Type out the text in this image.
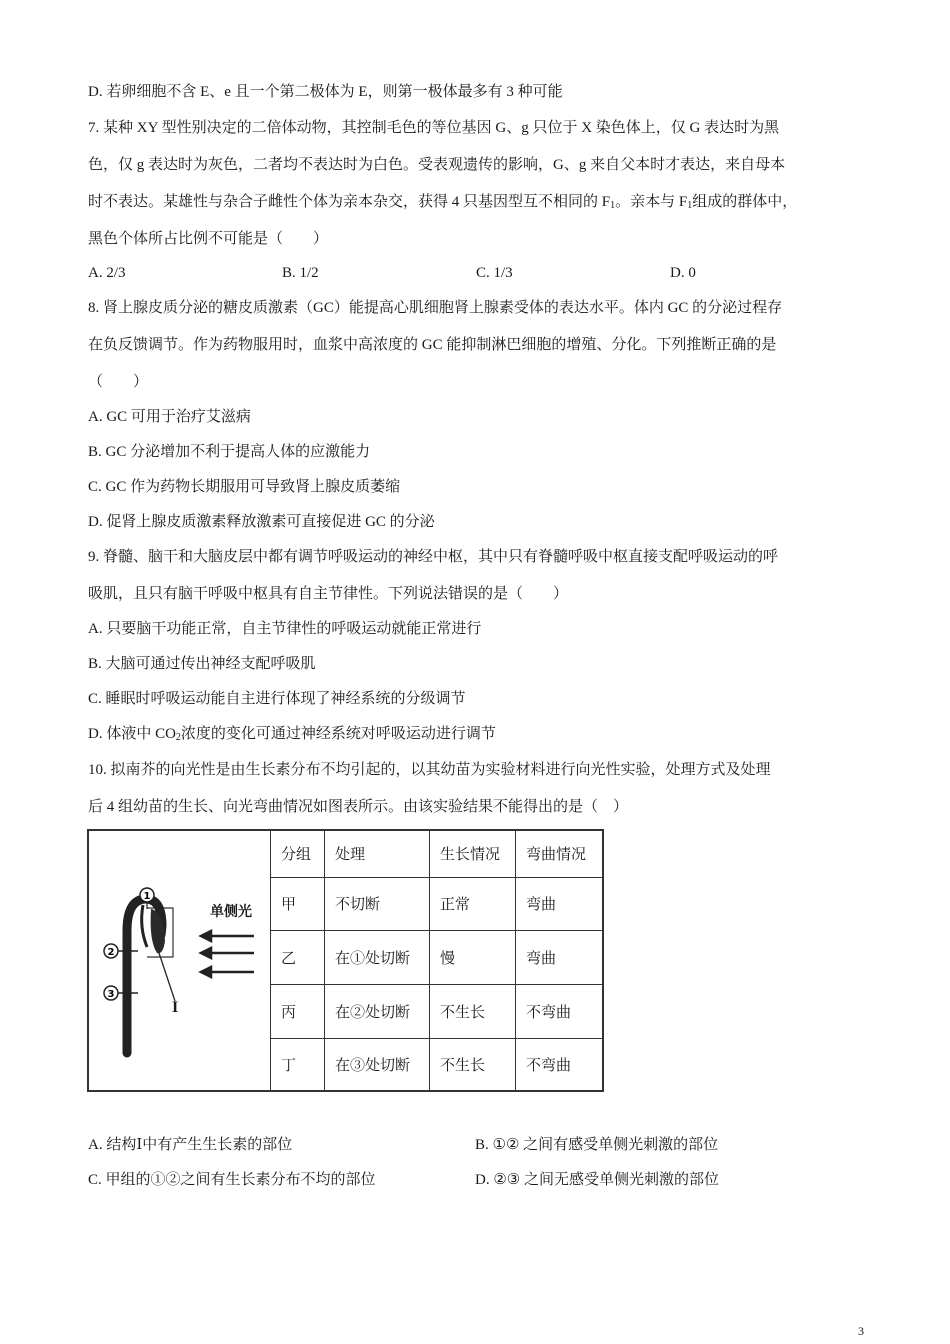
D. 若卵细胞不含 E、e 且一个第二极体为 E，则第一极体最多有 3 种可能
7. 某种 XY 型性别决定的二倍体动物，其控制毛色的等位基因 G、g 只位于 X 染色体上，仅 G 表达时为黑
色，仅 g 表达时为灰色，二者均不表达时为白色。受表观遗传的影响，G、g 来自父本时才表达，来自母本
时不表达。某雄性与杂合子雌性个体为亲本杂交，获得 4 只基因型互不相同的 $F_1$。亲本与 $F_1$组成的群体中，
黑色个体所占比例不可能是（　　）
A. 2/3	B. 1/2	C. 1/3	D. 0
8. 肾上腺皮质分泌的糖皮质激素（GC）能提高心肌细胞肾上腺素受体的表达水平。体内 GC 的分泌过程存
在负反馈调节。作为药物服用时，血浆中高浓度的 GC 能抑制淋巴细胞的增殖、分化。下列推断正确的是
（　　）
A. GC 可用于治疗艾滋病
B. GC 分泌增加不利于提高人体的应激能力
C. GC 作为药物长期服用可导致肾上腺皮质萎缩
D. 促肾上腺皮质激素释放激素可直接促进 GC 的分泌
9. 脊髓、脑干和大脑皮层中都有调节呼吸运动的神经中枢，其中只有脊髓呼吸中枢直接支配呼吸运动的呼
吸肌，且只有脑干呼吸中枢具有自主节律性。下列说法错误的是（　　）
A. 只要脑干功能正常，自主节律性的呼吸运动就能正常进行
B. 大脑可通过传出神经支配呼吸肌
C. 睡眠时呼吸运动能自主进行体现了神经系统的分级调节
D. 体液中 $CO_2$浓度的变化可通过神经系统对呼吸运动进行调节
10. 拟南芥的向光性是由生长素分布不均引起的，以其幼苗为实验材料进行向光性实验，处理方式及处理
后 4 组幼苗的生长、向光弯曲情况如图表所示。由该实验结果不能得出的是（　）
1
2
3
单侧光
I	分组	处理	生长情况	弯曲情况
	甲	不切断	正常	弯曲
	乙	在①处切断	慢	弯曲
	丙	在②处切断	不生长	不弯曲
	丁	在③处切断	不生长	不弯曲
A. 结构Ⅰ中有产生生长素的部位	B. ①② 之间有感受单侧光刺激的部位
C. 甲组的①②之间有生长素分布不均的部位	D. ②③ 之间无感受单侧光刺激的部位
3
